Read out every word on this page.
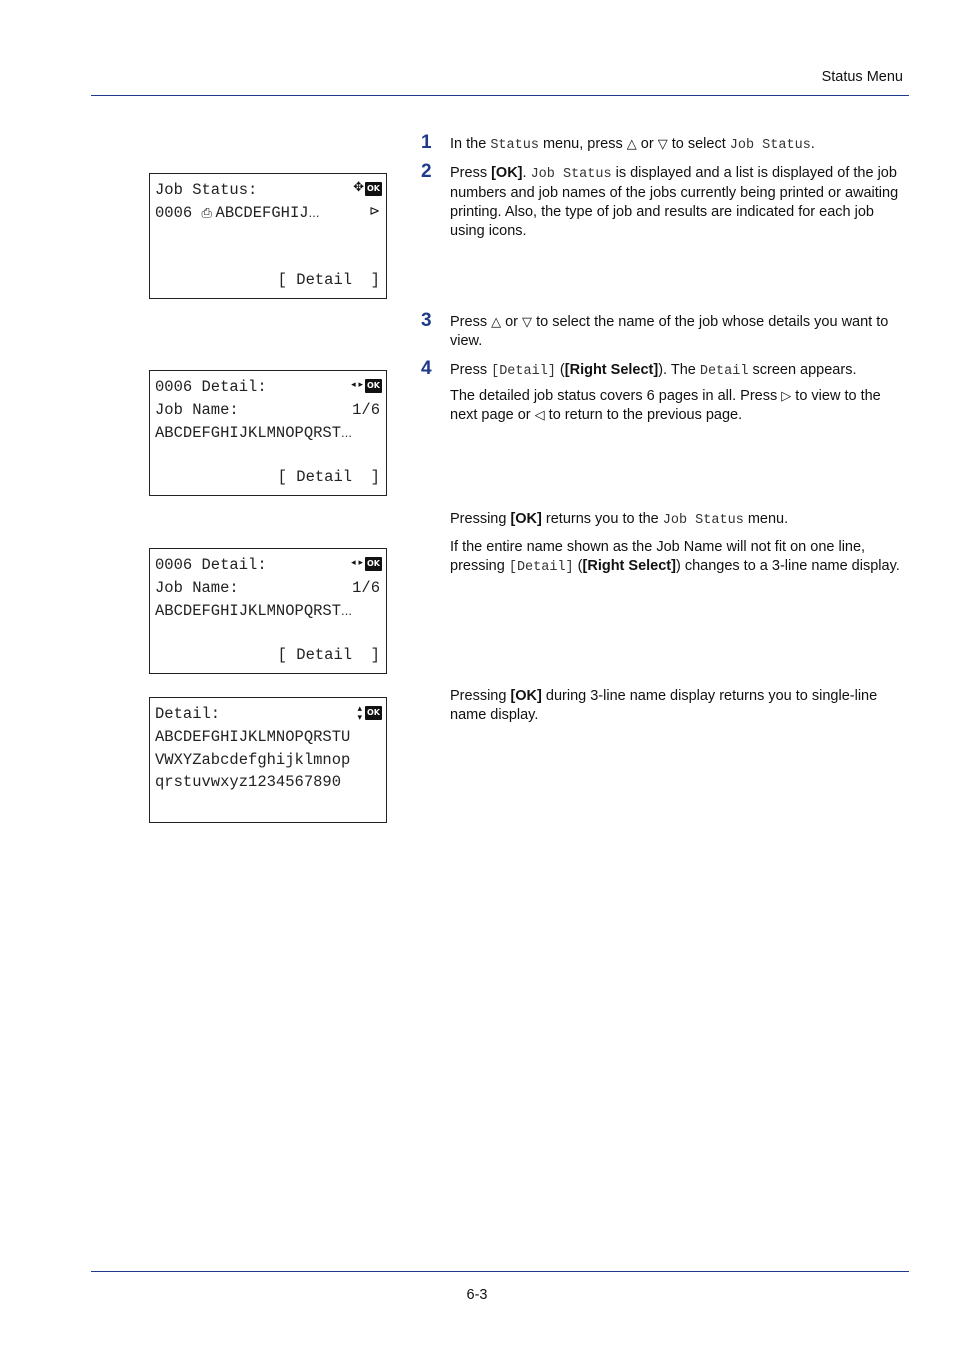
Status Menu
Job Status:	✥ OK
0006 ⎙ ABCDEFGHIJ…	⊳
[ Detail  ]
0006 Detail:	◂ ▸ OK
Job Name:	1/6
ABCDEFGHIJKLMNOPQRST…
[ Detail  ]
0006 Detail:	◂ ▸ OK
Job Name:	1/6
ABCDEFGHIJKLMNOPQRST…
[ Detail  ]
Detail:	▴
▾
OK
ABCDEFGHIJKLMNOPQRSTU
VWXYZabcdefghijklmnop
qrstuvwxyz1234567890
1 In the Status menu, press △ or ▽ to select Job Status.
2 Press [OK]. Job Status is displayed and a list is displayed of the job numbers and job names of the jobs currently being printed or awaiting printing. Also, the type of job and results are indicated for each job using icons.
3 Press △ or ▽ to select the name of the job whose details you want to view.
4 Press [Detail] ([Right Select]). The Detail screen appears.
The detailed job status covers 6 pages in all. Press ▷ to view to the next page or ◁ to return to the previous page.
Pressing [OK] returns you to the Job Status menu.
If the entire name shown as the Job Name will not fit on one line, pressing [Detail] ([Right Select]) changes to a 3-line name display.
Pressing [OK] during 3-line name display returns you to single-line name display.
6-3
